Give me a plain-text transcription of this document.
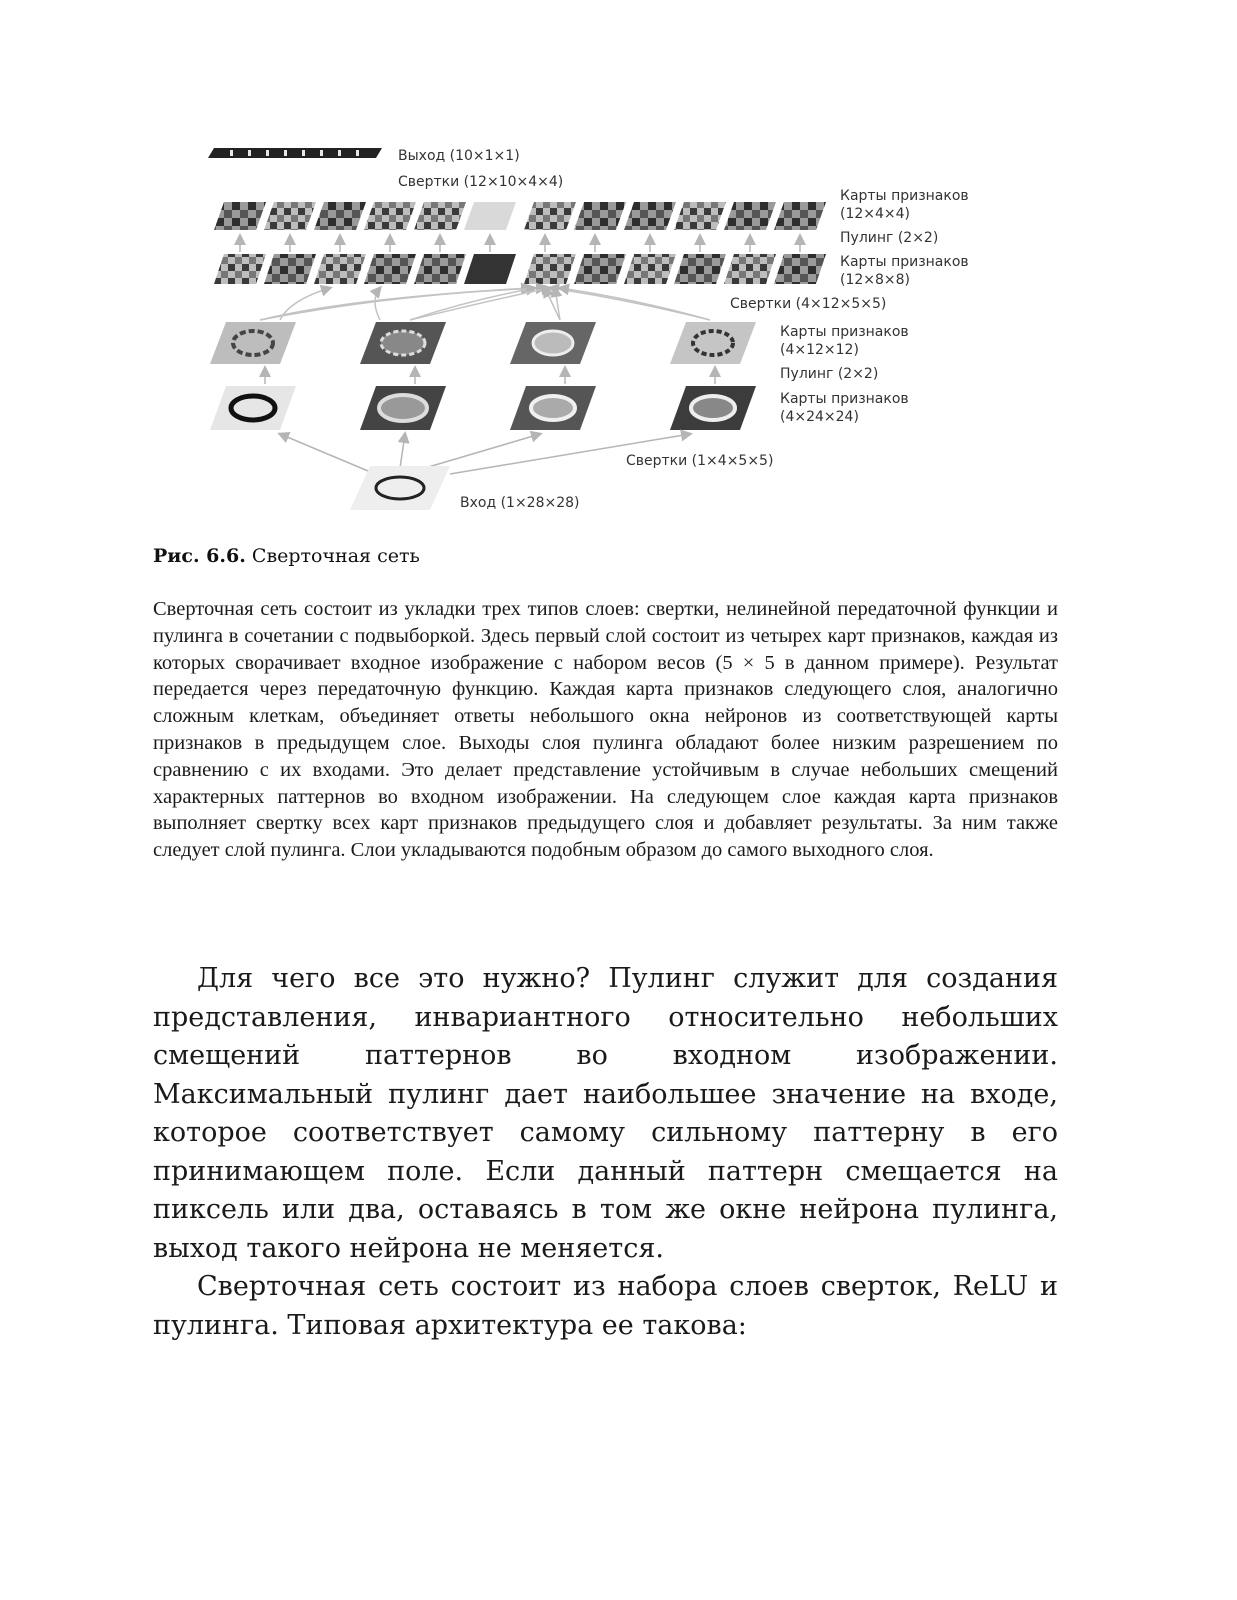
Выход (10×1×1)
Свертки (12×10×4×4)
Карты признаков
(12×4×4)
Пулинг (2×2)
Карты признаков
(12×8×8)
Свертки (4×12×5×5)
Карты признаков
(4×12×12)
Пулинг (2×2)
Карты признаков
(4×24×24)
Свертки (1×4×5×5)
Вход (1×28×28)
Рис. 6.6. Сверточная сеть
Сверточная сеть состоит из укладки трех типов слоев: свертки, нелинейной передаточной функции и пулинга в сочетании с подвыборкой. Здесь первый слой состоит из четырех карт признаков, каждая из которых сворачивает входное изображение с набором весов (5 × 5 в данном примере). Результат передается через передаточную функцию. Каждая карта признаков следующего слоя, аналогично сложным клеткам, объединяет ответы небольшого окна нейронов из соответствующей карты признаков в предыдущем слое. Выходы слоя пулинга обладают более низким разрешением по сравнению с их входами. Это делает представление устойчивым в случае небольших смещений характерных паттернов во входном изображении. На следующем слое каждая карта признаков выполняет свертку всех карт признаков предыдущего слоя и добавляет результаты. За ним также следует слой пулинга. Слои укладываются подобным образом до самого выходного слоя.

Для чего все это нужно? Пулинг служит для создания представления, инвариантного относительно небольших смещений паттернов во входном изображении. Максимальный пулинг дает наибольшее значение на входе, которое соответствует самому сильному паттерну в его принимающем поле. Если данный паттерн смещается на пиксель или два, оставаясь в том же окне нейрона пулинга, выход такого нейрона не меняется.

Сверточная сеть состоит из набора слоев сверток, ReLU и пулинга. Типовая архитектура ее такова:
